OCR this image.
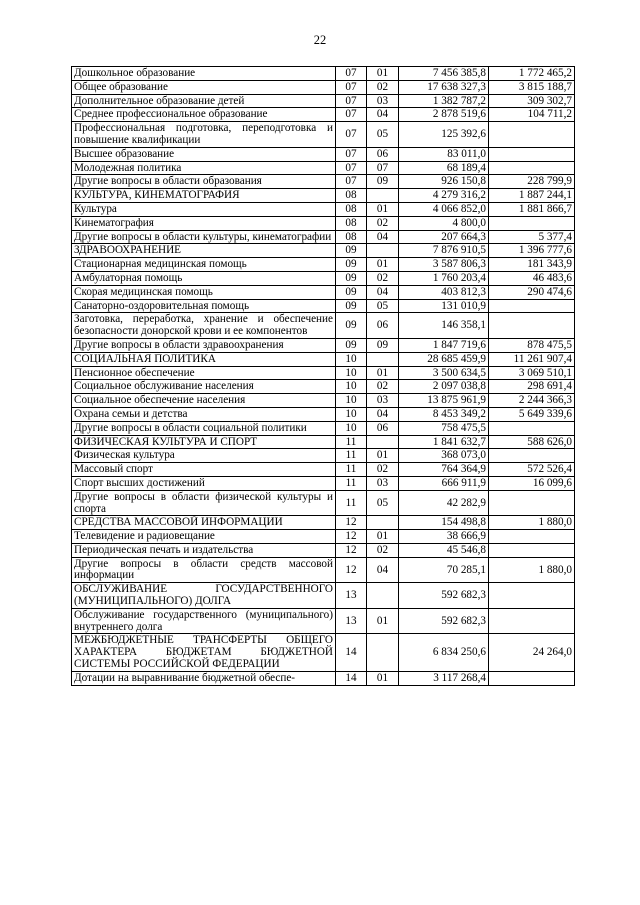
22
Дошкольное образование	07	01	7 456 385,8	1 772 465,2
Общее образование	07	02	17 638 327,3	3 815 188,7
Дополнительное образование детей	07	03	1 382 787,2	309 302,7
Среднее профессиональное образование	07	04	2 878 519,6	104 711,2
Профессиональная подготовка, переподготовка и повышение квалификации	07	05	125 392,6	
Высшее образование	07	06	83 011,0	
Молодежная политика	07	07	68 189,4	
Другие вопросы в области образования	07	09	926 150,8	228 799,9
КУЛЬТУРА, КИНЕМАТОГРАФИЯ	08		4 279 316,2	1 887 244,1
Культура	08	01	4 066 852,0	1 881 866,7
Кинематография	08	02	4 800,0	
Другие вопросы в области культуры, кинематографии	08	04	207 664,3	5 377,4
ЗДРАВООХРАНЕНИЕ	09		7 876 910,5	1 396 777,6
Стационарная медицинская помощь	09	01	3 587 806,3	181 343,9
Амбулаторная помощь	09	02	1 760 203,4	46 483,6
Скорая медицинская помощь	09	04	403 812,3	290 474,6
Санаторно-оздоровительная помощь	09	05	131 010,9	
Заготовка, переработка, хранение и обеспечение безопасности донорской крови и ее компонентов	09	06	146 358,1	
Другие вопросы в области здравоохранения	09	09	1 847 719,6	878 475,5
СОЦИАЛЬНАЯ ПОЛИТИКА	10		28 685 459,9	11 261 907,4
Пенсионное обеспечение	10	01	3 500 634,5	3 069 510,1
Социальное обслуживание населения	10	02	2 097 038,8	298 691,4
Социальное обеспечение населения	10	03	13 875 961,9	2 244 366,3
Охрана семьи и детства	10	04	8 453 349,2	5 649 339,6
Другие вопросы в области социальной политики	10	06	758 475,5	
ФИЗИЧЕСКАЯ КУЛЬТУРА И СПОРТ	11		1 841 632,7	588 626,0
Физическая культура	11	01	368 073,0	
Массовый спорт	11	02	764 364,9	572 526,4
Спорт высших достижений	11	03	666 911,9	16 099,6
Другие вопросы в области физической культуры и спорта	11	05	42 282,9	
СРЕДСТВА МАССОВОЙ ИНФОРМАЦИИ	12		154 498,8	1 880,0
Телевидение и радиовещание	12	01	38 666,9	
Периодическая печать и издательства	12	02	45 546,8	
Другие вопросы в области средств массовой информации	12	04	70 285,1	1 880,0
ОБСЛУЖИВАНИЕ ГОСУДАРСТВЕННОГО (МУНИЦИПАЛЬНОГО) ДОЛГА	13		592 682,3	
Обслуживание государственного (муниципального) внутреннего долга	13	01	592 682,3	
МЕЖБЮДЖЕТНЫЕ ТРАНСФЕРТЫ ОБЩЕГО ХАРАКТЕРА БЮДЖЕТАМ БЮДЖЕТНОЙ СИСТЕМЫ РОССИЙСКОЙ ФЕДЕРАЦИИ	14		6 834 250,6	24 264,0
Дотации на выравнивание бюджетной обеспе-	14	01	3 117 268,4	
